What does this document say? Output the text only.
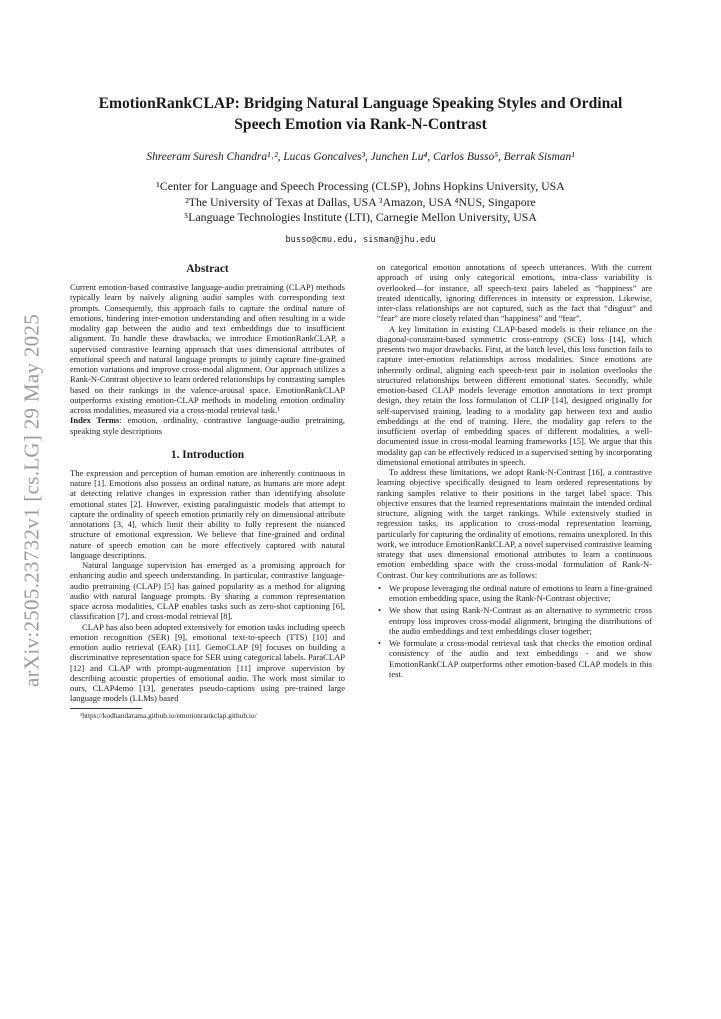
arXiv:2505.23732v1 [cs.LG] 29 May 2025
EmotionRankCLAP: Bridging Natural Language Speaking Styles and Ordinal
Speech Emotion via Rank-N-Contrast
Shreeram Suresh Chandra¹˒², Lucas Goncalves³, Junchen Lu⁴, Carlos Busso⁵, Berrak Sisman¹
¹Center for Language and Speech Processing (CLSP), Johns Hopkins University, USA
²The University of Texas at Dallas, USA ³Amazon, USA ⁴NUS, Singapore
⁵Language Technologies Institute (LTI), Carnegie Mellon University, USA
busso@cmu.edu, sisman@jhu.edu
Abstract

Current emotion-based contrastive language-audio pretraining (CLAP) methods typically learn by naïvely aligning audio samples with corresponding text prompts. Consequently, this approach fails to capture the ordinal nature of emotions, hindering inter-emotion understanding and often resulting in a wide modality gap between the audio and text embeddings due to insufficient alignment. To handle these drawbacks, we introduce EmotionRankCLAP, a supervised contrastive learning approach that uses dimensional attributes of emotional speech and natural language prompts to jointly capture fine-grained emotion variations and improve cross-modal alignment. Our approach utilizes a Rank-N-Contrast objective to learn ordered relationships by contrasting samples based on their rankings in the valence-arousal space. EmotionRankCLAP outperforms existing emotion-CLAP methods in modeling emotion ordinality across modalities, measured via a cross-modal retrieval task.¹

Index Terms: emotion, ordinality, contrastive language-audio pretraining, speaking style descriptions

1. Introduction

The expression and perception of human emotion are inherently continuous in nature [1]. Emotions also possess an ordinal nature, as humans are more adept at detecting relative changes in expression rather than identifying absolute emotional states [2]. However, existing paralinguistic models that attempt to capture the ordinality of speech emotion primarily rely on dimensional attribute annotations [3, 4], which limit their ability to fully represent the nuanced structure of emotional expression. We believe that fine-grained and ordinal nature of speech emotion can be more effectively captured with natural language descriptions.

Natural language supervision has emerged as a promising approach for enhancing audio and speech understanding. In particular, contrastive language-audio pretraining (CLAP) [5] has gained popularity as a method for aligning audio with natural language prompts. By sharing a common representation space across modalities, CLAP enables tasks such as zero-shot captioning [6], classification [7], and cross-modal retrieval [8].

CLAP has also been adopted extensively for emotion tasks including speech emotion recognition (SER) [9], emotional text-to-speech (TTS) [10] and emotion audio retrieval (EAR) [11]. GemoCLAP [9] focuses on building a discriminative representation space for SER using categorical labels. ParaCLAP [12] and CLAP with prompt-augmentation [11] improve supervision by describing acoustic properties of emotional audio. The work most similar to ours, CLAP4emo [13], generates pseudo-captions using pre-trained large language models (LLMs) based

¹https://kodhandarama.github.io/emotionrankclap.github.io/

on categorical emotion annotations of speech utterances. With the current approach of using only categorical emotions, intra-class variability is overlooked—for instance, all speech-text pairs labeled as “happiness” are treated identically, ignoring differences in intensity or expression. Likewise, inter-class relationships are not captured, such as the fact that “disgust” and “fear” are more closely related than “happiness” and “fear”.

A key limitation in existing CLAP-based models is their reliance on the diagonal-constraint-based symmetric cross-entropy (SCE) loss [14], which presents two major drawbacks. First, at the batch level, this loss function fails to capture inter-emotion relationships across modalities. Since emotions are inherently ordinal, aligning each speech-text pair in isolation overlooks the structured relationships between different emotional states. Secondly, while emotion-based CLAP models leverage emotion annotations in text prompt design, they retain the loss formulation of CLIP [14], designed originally for self-supervised training, leading to a modality gap between text and audio embeddings at the end of training. Here, the modality gap refers to the insufficient overlap of embedding spaces of different modalities, a well-documented issue in cross-modal learning frameworks [15]. We argue that this modality gap can be effectively reduced in a supervised setting by incorporating dimensional emotional attributes in speech.

To address these limitations, we adopt Rank-N-Contrast [16], a contrastive learning objective specifically designed to learn ordered representations by ranking samples relative to their positions in the target label space. This objective ensures that the learned representations maintain the intended ordinal structure, aligning with the target rankings. While extensively studied in regression tasks, its application to cross-modal representation learning, particularly for capturing the ordinality of emotions, remains unexplored. In this work, we introduce EmotionRankCLAP, a novel supervised contrastive learning strategy that uses dimensional emotional attributes to learn a continuous emotion embedding space with the cross-modal formulation of Rank-N-Contrast. Our key contributions are as follows:

• We propose leveraging the ordinal nature of emotions to learn a fine-grained emotion embedding space, using the Rank-N-Contrast objective;
• We show that using Rank-N-Contrast as an alternative to symmetric cross entropy loss improves cross-modal alignment, bringing the distributions of the audio embeddings and text embeddings closer together;
• We formulate a cross-modal retrieval task that checks the emotion ordinal consistency of the audio and text embeddings - and we show EmotionRankCLAP outperforms other emotion-based CLAP models in this test.
